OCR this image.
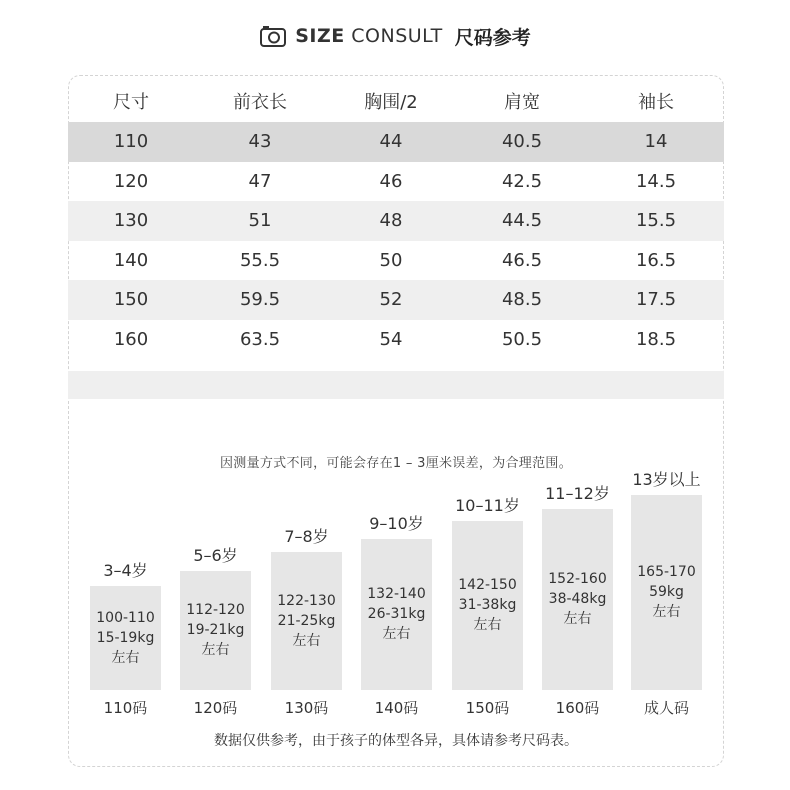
SIZE CONSULT 尺码参考
尺寸	前衣长	胸围/2	肩宽	袖长
110	43	44	40.5	14
120	47	46	42.5	14.5
130	51	48	44.5	15.5
140	55.5	50	46.5	16.5
150	59.5	52	48.5	17.5
160	63.5	54	50.5	18.5
因测量方式不同，可能会存在1 – 3厘米误差，为合理范围。
3–4岁
100-110
15-19kg
左右
5–6岁
112-120
19-21kg
左右
7–8岁
122-130
21-25kg
左右
9–10岁
132-140
26-31kg
左右
10–11岁
142-150
31-38kg
左右
11–12岁
152-160
38-48kg
左右
13岁以上
165-170
59kg
左右
110码	120码	130码	140码	150码	160码	成人码
数据仅供参考，由于孩子的体型各异，具体请参考尺码表。
